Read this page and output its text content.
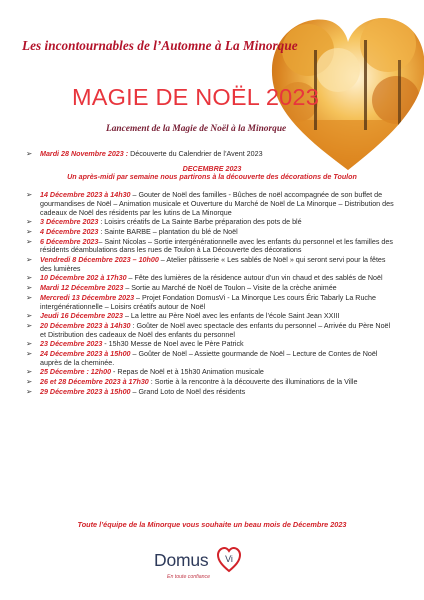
Les incontournables de l’Automne à La Minorque
MAGIE DE NOËL 2023
Lancement de la Magie de Noël à la Minorque
➢	Mardi 28 Novembre 2023 : Découverte du Calendrier de l’Avent 2023
DECEMBRE 2023
Un après-midi par semaine nous partirons à la découverte des décorations de Toulon
➢	14 Décembre 2023 à 14h30 – Gouter de Noël des familles - Bûches de noël accompagnée de son buffet de gourmandises de Noël – Animation musicale et Ouverture du Marché de Noël de La Minorque – Distribution des cadeaux de Noël des résidents par les lutins de La Minorque
➢	3 Décembre 2023 : Loisirs créatifs de La Sainte Barbe préparation des pots de blé
➢	4 Décembre 2023 : Sainte BARBE – plantation du blé de Noël
➢	6 Décembre 2023– Saint Nicolas – Sortie intergénérationnelle avec les enfants du personnel et les familles des résidents déambulations dans les rues de Toulon à La Découverte des décorations
➢	Vendredi 8 Décembre 2023 – 10h00 – Atelier pâtisserie « Les sablés de Noël » qui seront servi pour la fêtes des lumières
➢	10 Décembre 202 à 17h30 – Fête des lumières de la résidence autour d’un vin chaud et des sablés de Noël
➢	Mardi 12 Décembre 2023 – Sortie au Marché de Noël de Toulon – Visite de la crèche animée
➢	Mercredi 13 Décembre 2023 – Projet Fondation DomusVi - La Minorque Les cours Éric Tabarly La Ruche intergénérationnelle – Loisirs créatifs autour de Noël
➢	Jeudi 16 Décembre 2023 – La lettre au Père Noël avec les enfants de l’école Saint Jean XXIII
➢	20 Décembre 2023 à 14h30 : Goûter de Noël avec spectacle des enfants du personnel – Arrivée du Père Noël et Distribution des cadeaux de Noël des enfants du personnel
➢	23 Décembre 2023 - 15h30 Messe de Noel avec le Père Patrick
➢	24 Décembre 2023 à 15h00 – Goûter de Noël – Assiette gourmande de Noël – Lecture de Contes de Noël auprès de la cheminée.
➢	25 Décembre : 12h00 - Repas de Noël et à 15h30 Animation musicale
➢	26 et 28 Décembre 2023 à 17h30 : Sortie à la rencontre à la découverte des illuminations de la Ville
➢	29 Décembre 2023 à 15h00 – Grand Loto de Noël des résidents
Toute l’équipe de la Minorque vous souhaite un beau mois de Décembre 2023
Domus Vi
En toute confiance
